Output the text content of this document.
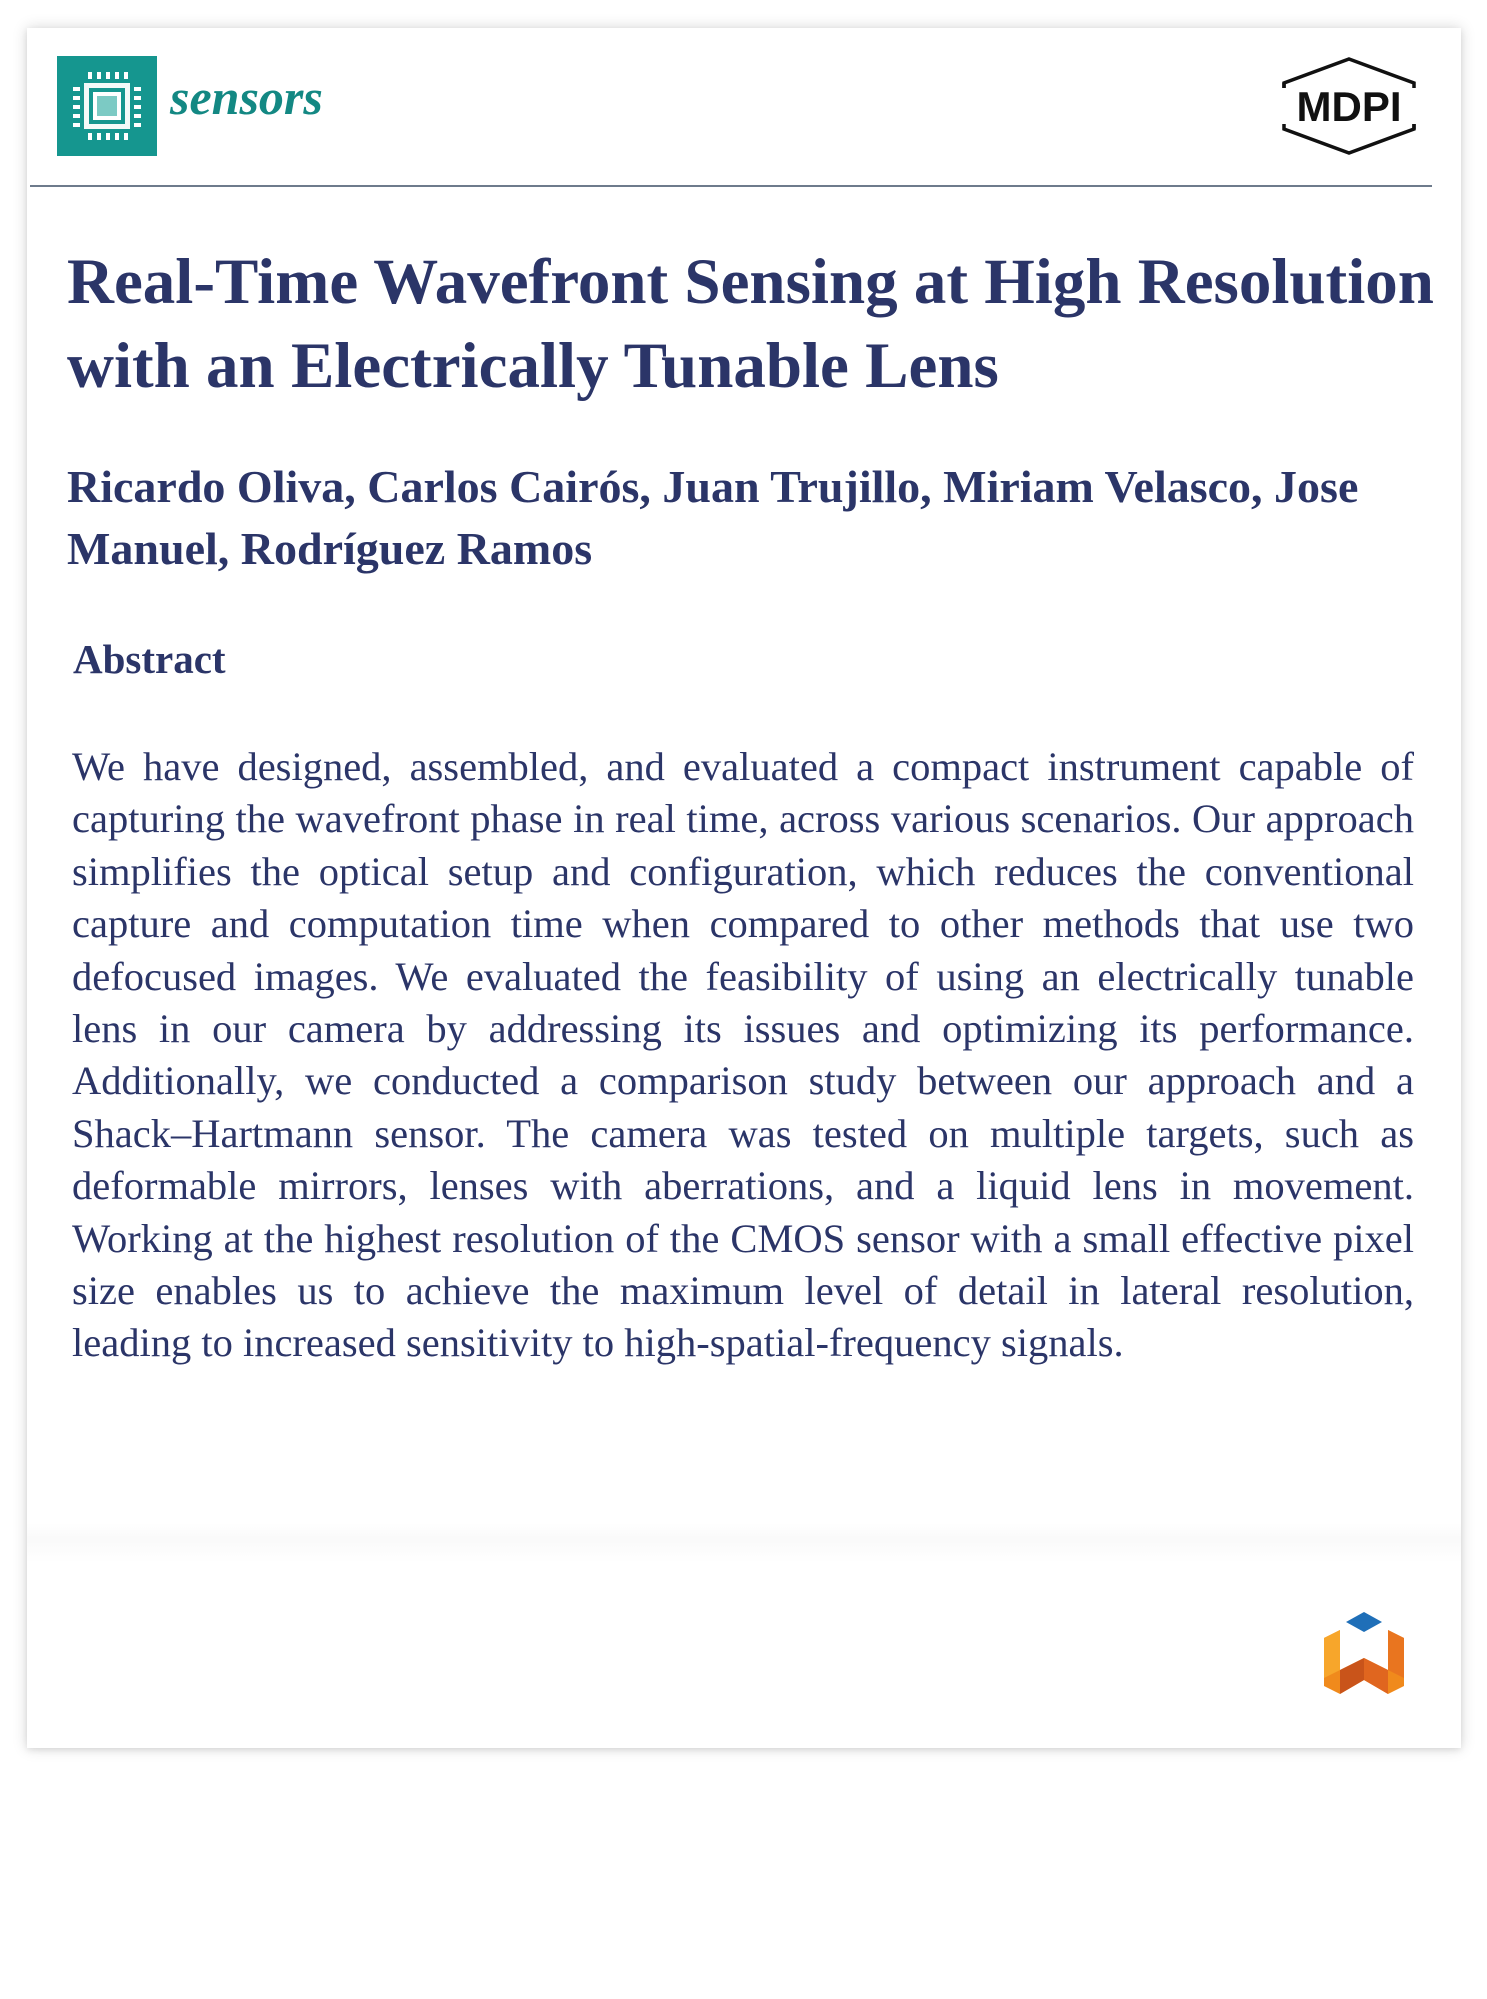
sensors	MDPI
Real-Time Wavefront Sensing at High Resolution with an Electrically Tunable Lens

Ricardo Oliva, Carlos Cairós, Juan Trujillo, Miriam Velasco, Jose Manuel, Rodríguez Ramos

Abstract

We have designed, assembled, and evaluated a compact instrument capable of capturing the wavefront phase in real time, across various scenarios. Our approach simplifies the optical setup and configuration, which reduces the conventional capture and computation time when compared to other methods that use two defocused images. We evaluated the feasibility of using an electrically tunable lens in our camera by addressing its issues and optimizing its performance. Additionally, we conducted a comparison study between our approach and a Shack–Hartmann sensor. The camera was tested on multiple targets, such as deformable mirrors, lenses with aberrations, and a liquid lens in movement. Working at the highest resolution of the CMOS sensor with a small effective pixel size enables us to achieve the maximum level of detail in lateral resolution, leading to increased sensitivity to high-spatial-frequency signals.
